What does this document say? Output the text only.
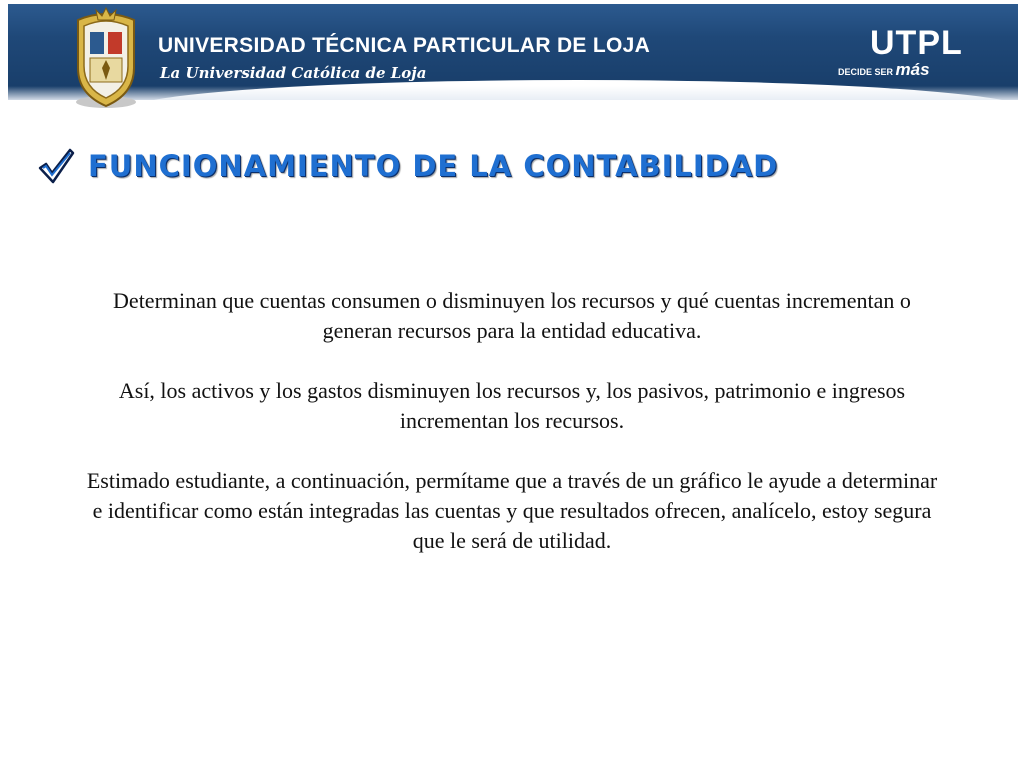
UNIVERSIDAD TÉCNICA PARTICULAR DE LOJA
La Universidad Católica de Loja
UTPL
DECIDE SER más
FUNCIONAMIENTO DE LA CONTABILIDAD

Determinan que cuentas consumen o disminuyen los recursos y qué cuentas incrementan o generan recursos para la entidad educativa.

Así, los activos y los gastos disminuyen los recursos y, los pasivos, patrimonio e ingresos incrementan los recursos.

Estimado estudiante, a continuación, permítame que a través de un gráfico le ayude a determinar e identificar como están integradas las cuentas y que resultados ofrecen, analícelo, estoy segura que le será de utilidad.
